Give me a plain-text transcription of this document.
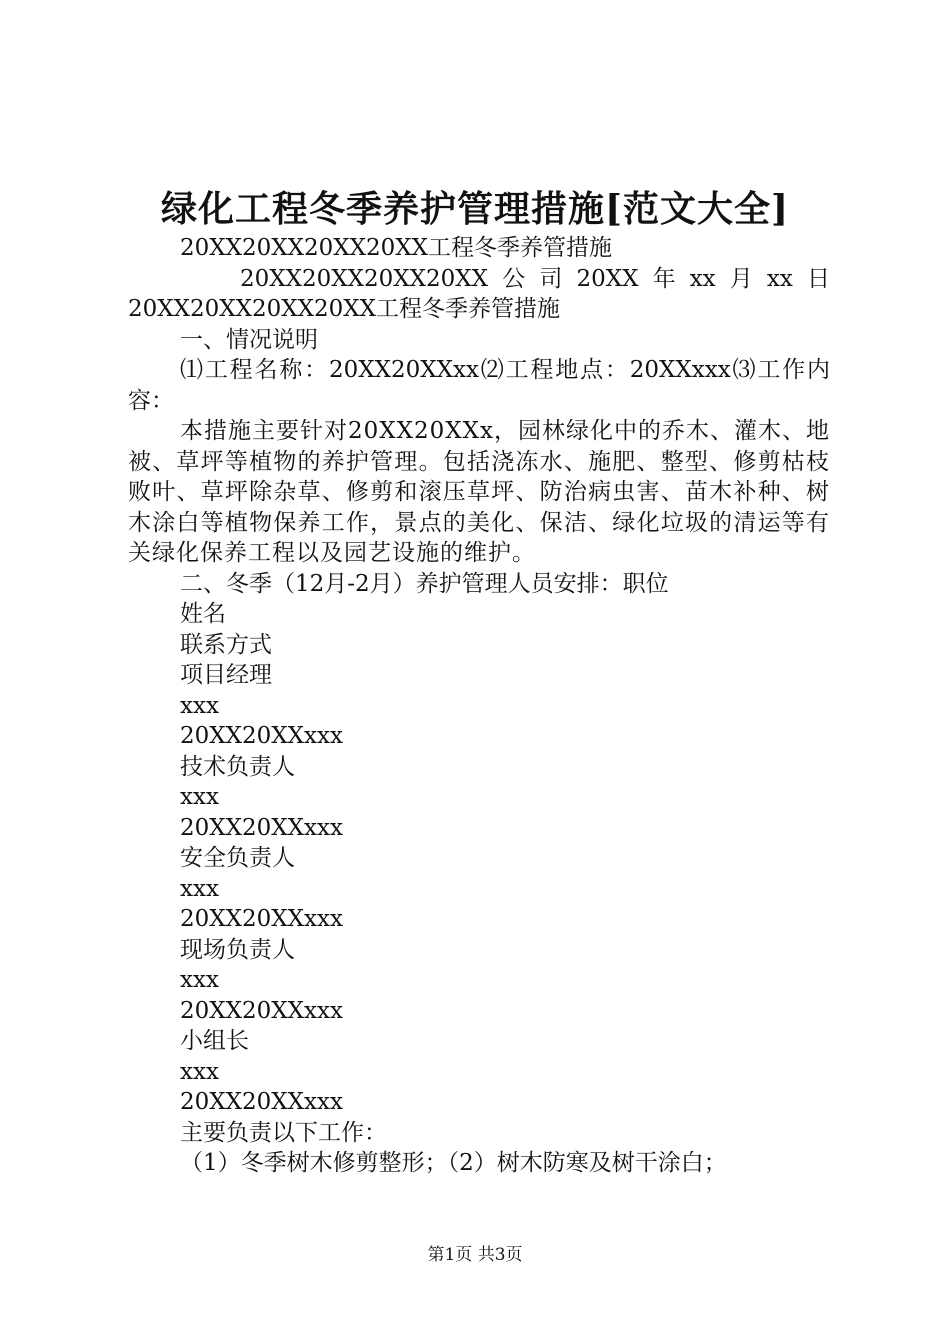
绿化工程冬季养护管理措施[范文大全]
20XX20XX20XX20XX工程冬季养管措施
20XX20XX20XX20XX 公 司 20XX 年 xx 月 xx 日
20XX20XX20XX20XX工程冬季养管措施
一、情况说明
⑴工程名称：20XX20XXxx⑵工程地点：20XXxxx⑶工作内容：
本措施主要针对20XX20XXx，园林绿化中的乔木、灌木、地被、草坪等植物的养护管理。包括浇冻水、施肥、整型、修剪枯枝败叶、草坪除杂草、修剪和滚压草坪、防治病虫害、苗木补种、树木涂白等植物保养工作，景点的美化、保洁、绿化垃圾的清运等有关绿化保养工程以及园艺设施的维护。
二、冬季（12月-2月）养护管理人员安排：职位
姓名
联系方式
项目经理
xxx
20XX20XXxxx
技术负责人
xxx
20XX20XXxxx
安全负责人
xxx
20XX20XXxxx
现场负责人
xxx
20XX20XXxxx
小组长
xxx
20XX20XXxxx
主要负责以下工作：
（1）冬季树木修剪整形；（2）树木防寒及树干涂白；
第1页 共3页
